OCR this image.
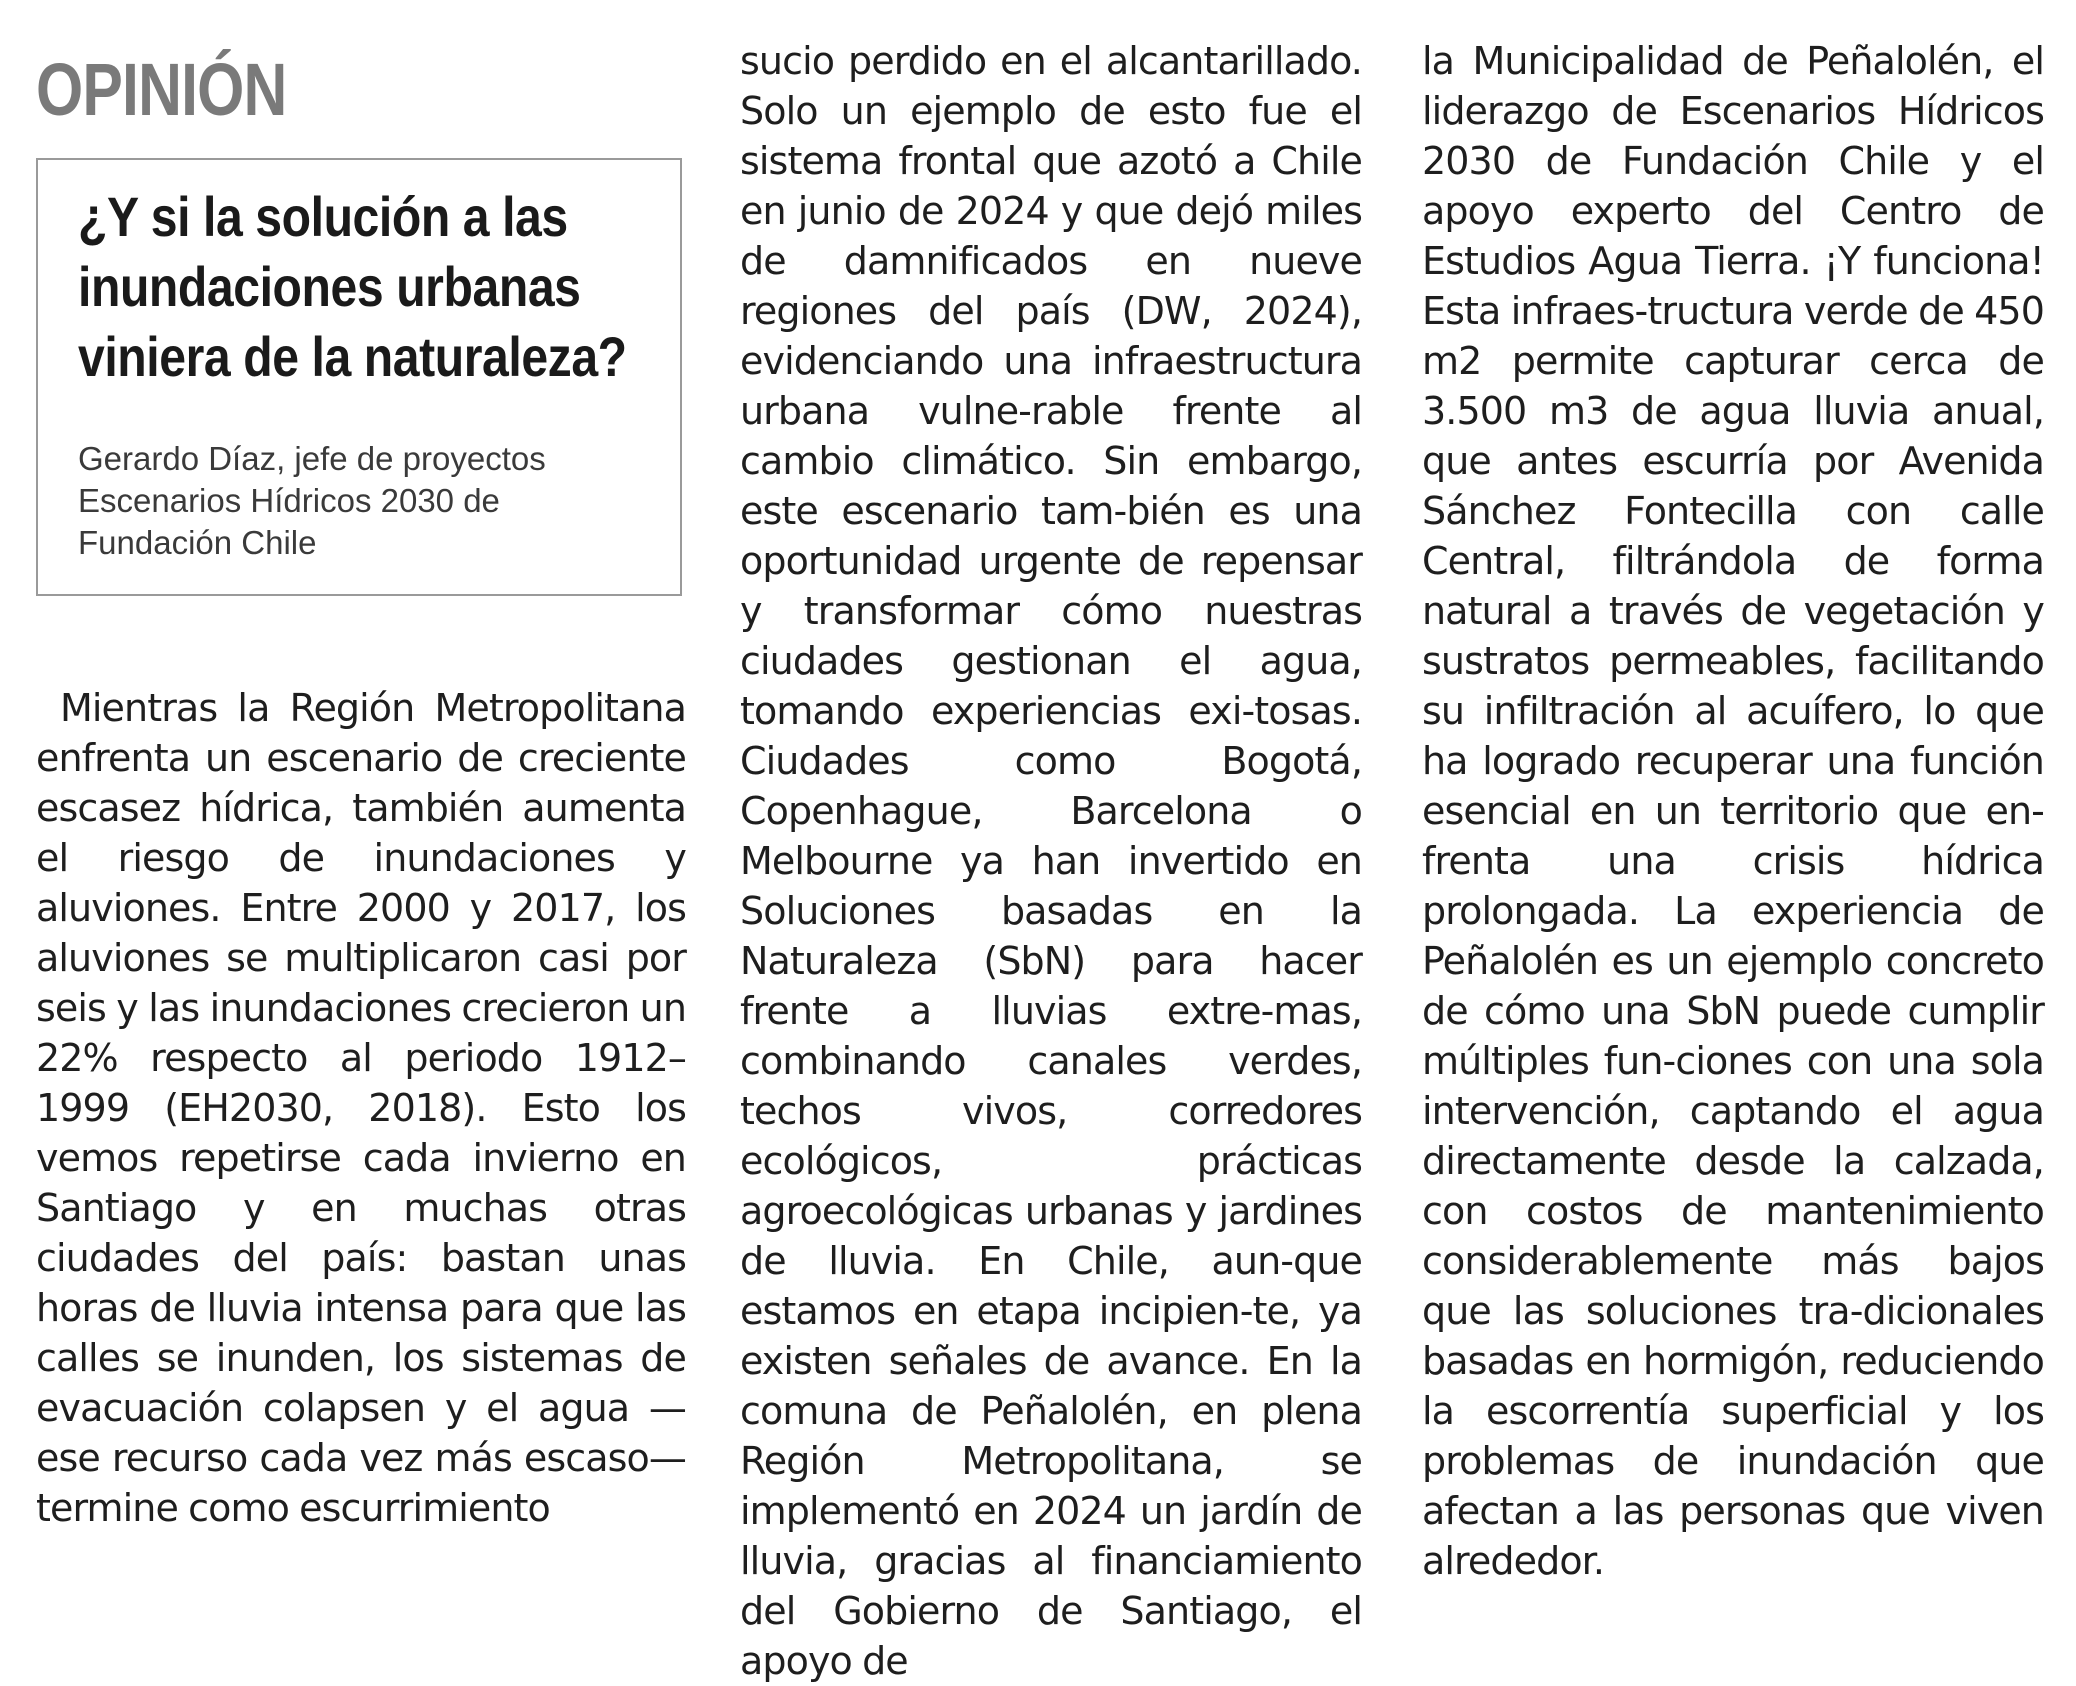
OPINIÓN
¿Y si la solución a las inundaciones urbanas viniera de la naturaleza?

Gerardo Díaz, jefe de proyectos Escenarios Hídricos 2030 de Fundación Chile

Mientras la Región Metropolitana enfrenta un escenario de creciente escasez hídrica, también aumenta el riesgo de inundaciones y aluviones. Entre 2000 y 2017, los aluviones se multiplicaron casi por seis y las inundaciones crecieron un 22% respecto al periodo 1912–1999 (EH2030, 2018). Esto los vemos repetirse cada invierno en Santiago y en muchas otras ciudades del país: bastan unas horas de lluvia intensa para que las calles se inunden, los sistemas de evacuación colapsen y el agua —ese recurso cada vez más escaso— termine como escurrimiento

sucio perdido en el alcantarillado. Solo un ejemplo de esto fue el sistema frontal que azotó a Chile en junio de 2024 y que dejó miles de damnificados en nueve regiones del país (DW, 2024), evidenciando una infraestructura urbana vulne-rable frente al cambio climático. Sin embargo, este escenario tam-bién es una oportunidad urgente de repensar y transformar cómo nuestras ciudades gestionan el agua, tomando experiencias exi-tosas. Ciudades como Bogotá, Copenhague, Barcelona o Melbourne ya han invertido en Soluciones basadas en la Naturaleza (SbN) para hacer frente a lluvias extre-mas, combinando canales verdes, techos vivos, corredores ecológicos, prácticas agroecológicas urbanas y jardines de lluvia. En Chile, aun-que estamos en etapa incipien-te, ya existen señales de avance. En la comuna de Peñalolén, en plena Región Metropolitana, se implementó en 2024 un jardín de lluvia, gracias al financiamiento del Gobierno de Santiago, el apoyo de

la Municipalidad de Peñalolén, el liderazgo de Escenarios Hídricos 2030 de Fundación Chile y el apoyo experto del Centro de Estudios Agua Tierra. ¡Y funciona! Esta infraes-tructura verde de 450 m2 permite capturar cerca de 3.500 m3 de agua lluvia anual, que antes escurría por Avenida Sánchez Fontecilla con calle Central, filtrándola de forma natural a través de vegetación y sustratos permeables, facilitando su infiltración al acuífero, lo que ha logrado recuperar una función esencial en un territorio que en-frenta una crisis hídrica prolongada. La experiencia de Peñalolén es un ejemplo concreto de cómo una SbN puede cumplir múltiples fun-ciones con una sola intervención, captando el agua directamente desde la calzada, con costos de mantenimiento considerablemente más bajos que las soluciones tra-dicionales basadas en hormigón, reduciendo la escorrentía superficial y los problemas de inundación que afectan a las personas que viven alrededor.
